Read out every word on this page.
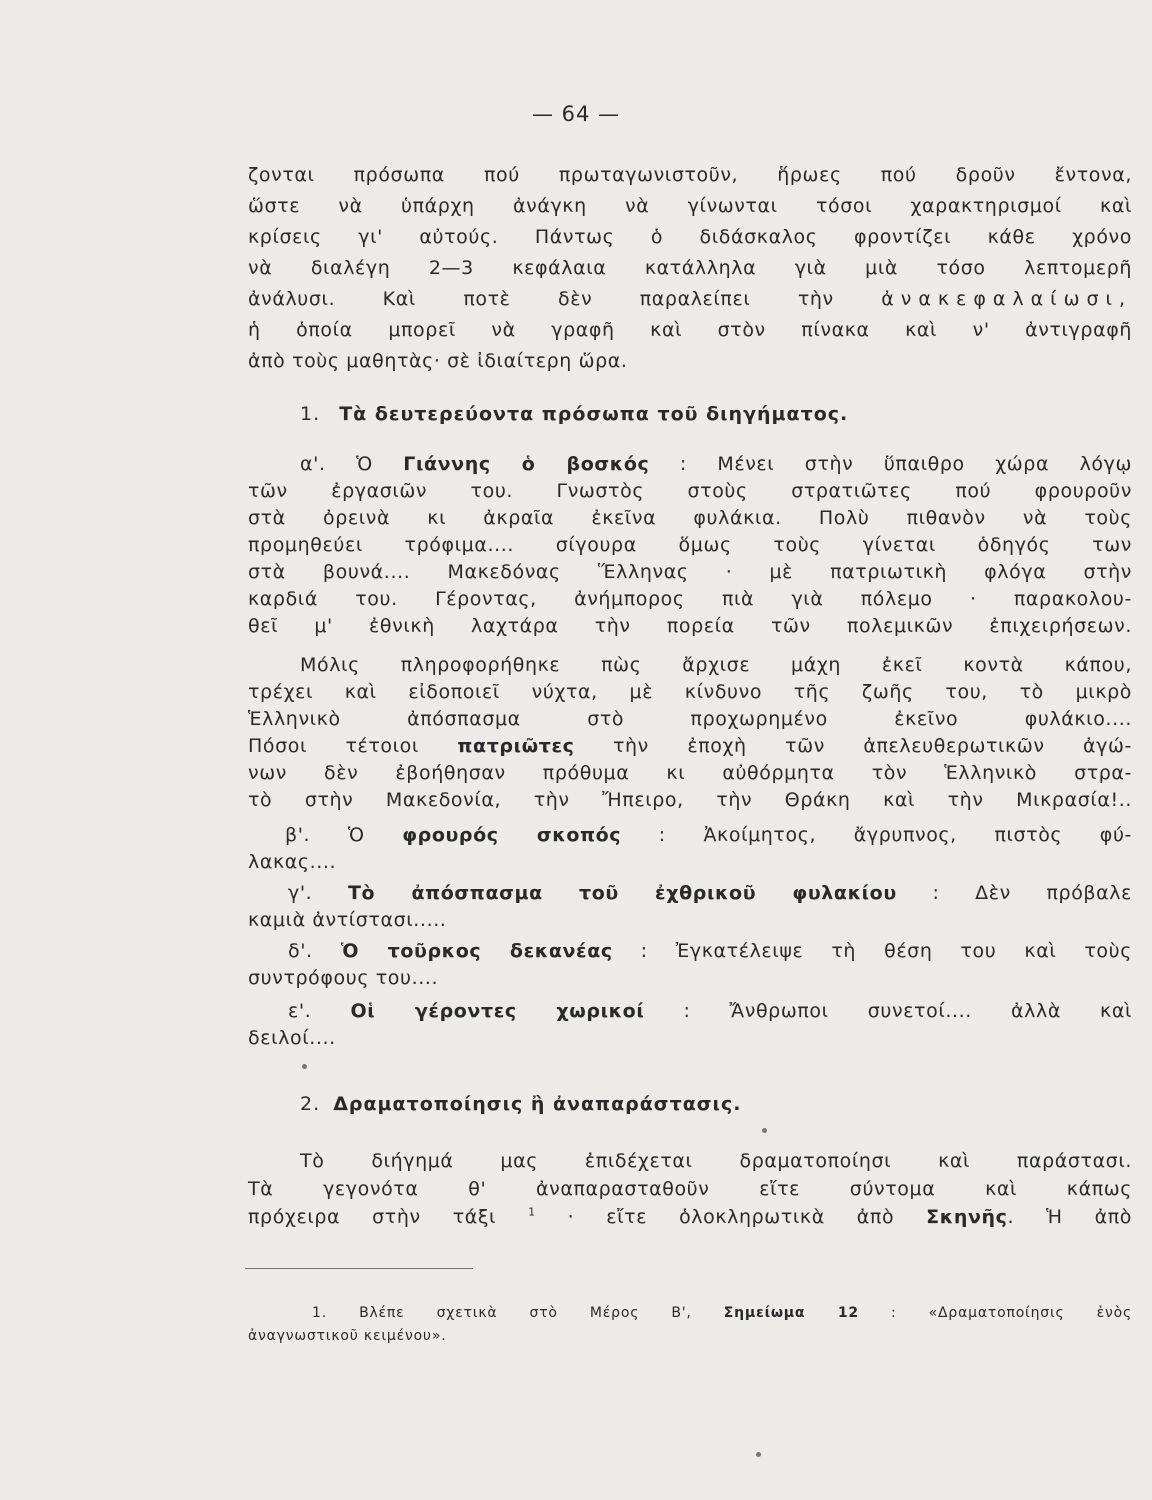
— 64 —
ζονται πρόσωπα πού πρωταγωνιστοῦν, ἥρωες πού δροῦν ἔντονα,
ὥστε νὰ ὑπάρχη ἀνάγκη νὰ γίνωνται τόσοι χαρακτηρισμοί καὶ
κρίσεις γι' αὐτούς. Πάντως ὁ διδάσκαλος φροντίζει κάθε χρόνο
νὰ διαλέγη 2—3 κεφάλαια κατάλληλα γιὰ μιὰ τόσο λεπτομερῆ
ἀνάλυσι. Καὶ ποτὲ δὲν παραλείπει τὴν ἀνακεφαλαίωσι,
ἡ ὁποία μπορεῖ νὰ γραφῆ καὶ στὸν πίνακα καὶ ν' ἀντιγραφῆ
ἀπὸ τοὺς μαθητὰς· σὲ ἰδιαίτερη ὥρα.
1. Τὰ δευτερεύοντα πρόσωπα τοῦ διηγήματος.
α'. Ὁ Γιάννης ὁ βοσκός : Μένει στὴν ὕπαιθρο χώρα λόγῳ
τῶν ἐργασιῶν του. Γνωστὸς στοὺς στρατιῶτες πού φρουροῦν
στὰ ὀρεινὰ κι ἀκραῖα ἐκεῖνα φυλάκια. Πολὺ πιθανὸν νὰ τοὺς
προμηθεύει τρόφιμα.... σίγουρα ὅμως τοὺς γίνεται ὁδηγός των
στὰ βουνά.... Μακεδόνας Ἕλληνας · μὲ πατριωτικὴ φλόγα στὴν
καρδιά του. Γέροντας, ἀνήμπορος πιὰ γιὰ πόλεμο · παρακολου-
θεῖ μ' ἐθνικὴ λαχτάρα τὴν πορεία τῶν πολεμικῶν ἐπιχειρήσεων.
Μόλις πληροφορήθηκε πὼς ἄρχισε μάχη ἐκεῖ κοντὰ κάπου,
τρέχει καὶ εἰδοποιεῖ νύχτα, μὲ κίνδυνο τῆς ζωῆς του, τὸ μικρὸ
Ἑλληνικὸ ἀπόσπασμα στὸ προχωρημένο ἐκεῖνο φυλάκιο....
Πόσοι τέτοιοι πατριῶτες τὴν ἐποχὴ τῶν ἀπελευθερωτικῶν ἀγώ-
νων δὲν ἐβοήθησαν πρόθυμα κι αὐθόρμητα τὸν Ἑλληνικὸ στρα-
τὸ στὴν Μακεδονία, τὴν Ἤπειρο, τὴν Θράκη καὶ τὴν Μικρασία!..
β'. Ὁ φρουρός σκοπός : Ἀκοίμητος, ἄγρυπνος, πιστὸς φύ-
λακας....
γ'. Τὸ ἀπόσπασμα τοῦ ἐχθρικοῦ φυλακίου : Δὲν πρόβαλε
καμιὰ ἀντίστασι.....
δ'. Ὁ τοῦρκος δεκανέας : Ἐγκατέλειψε τὴ θέση του καὶ τοὺς
συντρόφους του....
ε'. Οἱ γέροντες χωρικοί : Ἄνθρωποι συνετοί.... ἀλλὰ καὶ
δειλοί....
2. Δραματοποίησις ἢ ἀναπαράστασις.
Τὸ διήγημά μας ἐπιδέχεται δραματοποίησι καὶ παράστασι.
Τὰ γεγονότα θ' ἀναπαρασταθοῦν εἴτε σύντομα καὶ κάπως
πρόχειρα στὴν τάξι $^1$ · εἴτε ὁλοκληρωτικὰ ἀπὸ Σκηνῆς. Ἡ ἀπὸ
1. Βλέπε σχετικὰ στὸ Μέρος Β', Σημείωμα 12 : «Δραματοποίησις ἑνὸς
ἀναγνωστικοῦ κειμένου».
